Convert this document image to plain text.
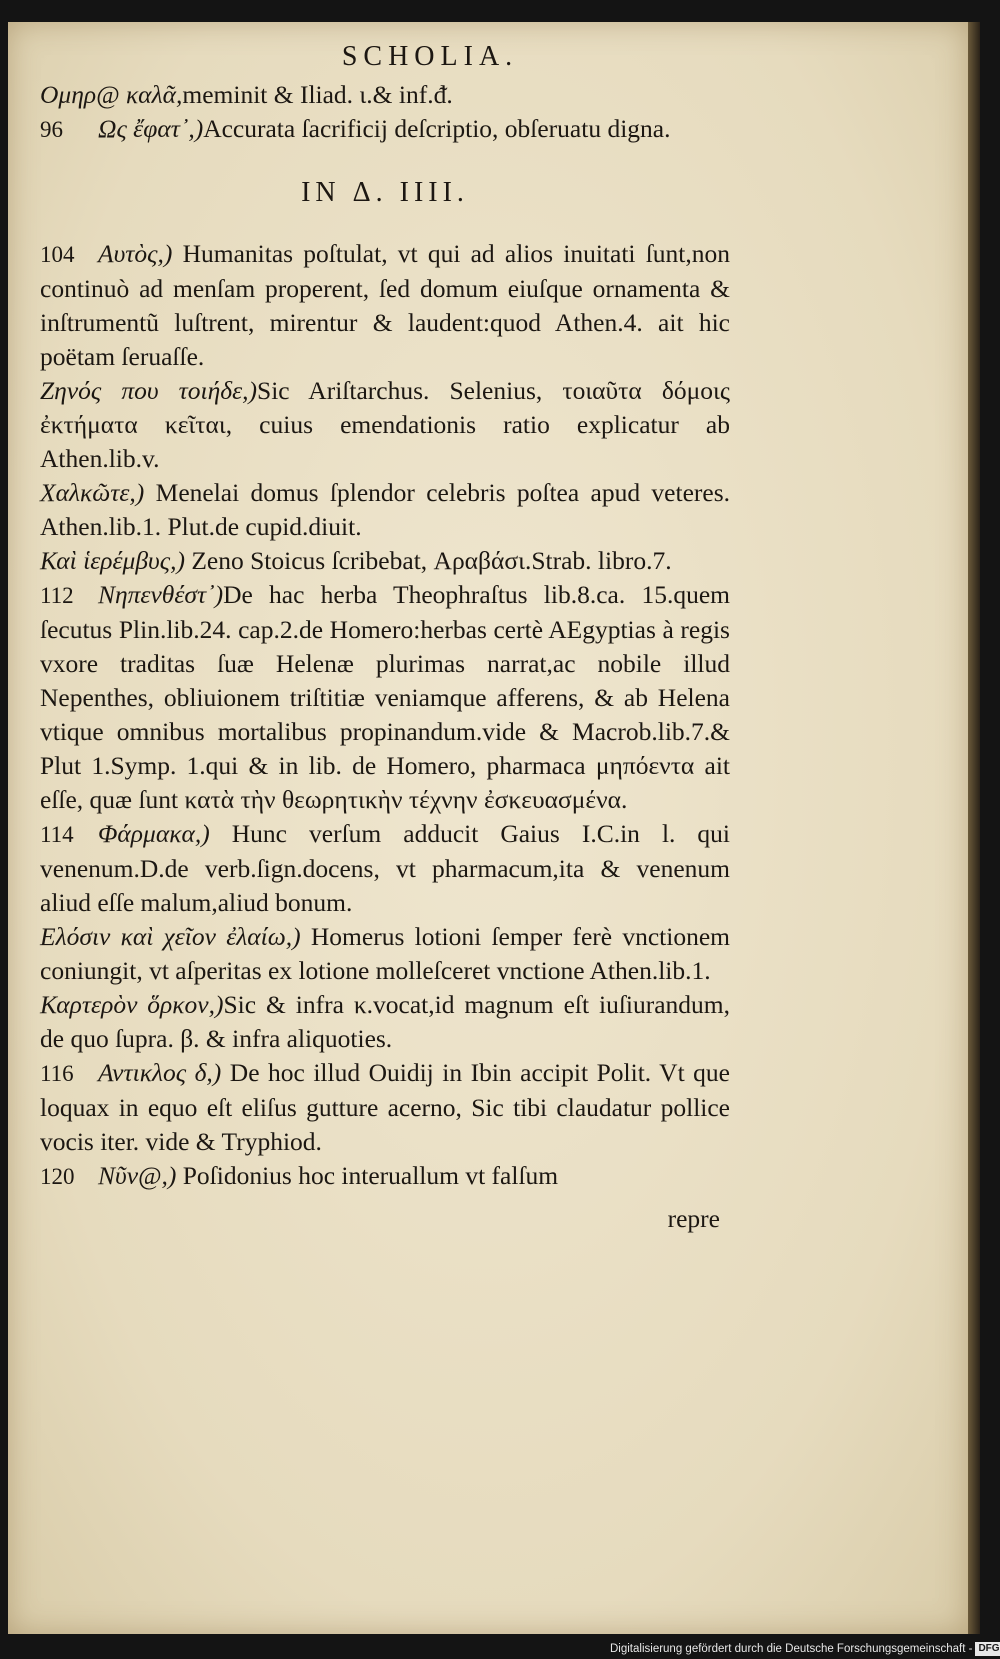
SCHOLIA.

Ομηρ@ καλᾶ,meminit & Iliad. ι.& inf.ᵭ.

96 Ως ἔφατ᾽,)Accurata ſacrificij deſcriptio, obſeruatu digna.

IN Δ. IIII.

104 Αυτὸς,) Humanitas poſtulat, vt qui ad alios inuitati ſunt,non continuò ad menſam properent, ſed domum eiuſque ornamenta & inſtrumentũ luſtrent, mirentur & laudent:quod Athen.4. ait hic poëtam ſeruaſſe.

Ζηνός που τοιήδε,)Sic Ariſtarchus. Selenius, τοιαῦτα δόμοις ἐκτήματα κεῖται, cuius emendationis ratio explicatur ab Athen.lib.v.

Χαλκῶτε,) Menelai domus ſplendor celebris poſtea apud veteres. Athen.lib.1. Plut.de cupid.diuit.

Καὶ ἱερέμβυς,) Zeno Stoicus ſcribebat, Αραβάσι.Strab. libro.7.

112 Νηπενθέστ᾽)De hac herba Theophraſtus lib.8.ca. 15.quem ſecutus Plin.lib.24. cap.2.de Homero:herbas certè AEgyptias à regis vxore traditas ſuæ Helenæ plurimas narrat,ac nobile illud Nepenthes, obliuionem triſtitiæ veniamque afferens, & ab Helena vtique omnibus mortalibus propinandum.vide & Macrob.lib.7.& Plut 1.Symp. 1.qui & in lib. de Homero, pharmaca μηπόεντα ait eſſe, quæ ſunt κατὰ τὴν θεωρητικὴν τέχνην ἐσκευασμένα.

114 Φάρμακα,) Hunc verſum adducit Gaius I.C.in l. qui venenum.D.de verb.ſign.docens, vt pharmacum,ita & venenum aliud eſſe malum,aliud bonum.

Ελόσιν καὶ χεῖον ἐλαίω,) Homerus lotioni ſemper ferè vnctionem coniungit, vt aſperitas ex lotione molleſceret vnctione Athen.lib.1.

Καρτερὸν ὅρκον,)Sic & infra κ.vocat,id magnum eſt iuſiurandum, de quo ſupra. β. & infra aliquoties.

116 Αντικλος δ,) De hoc illud Ouidij in Ibin accipit Polit. Vt que loquax in equo eſt eliſus gutture acerno, Sic tibi claudatur pollice vocis iter. vide & Tryphiod.

120 Νῦν@,) Poſidonius hoc interuallum vt falſum

repre
Digitalisierung gefördert durch die Deutsche Forschungsgemeinschaft - DFG
